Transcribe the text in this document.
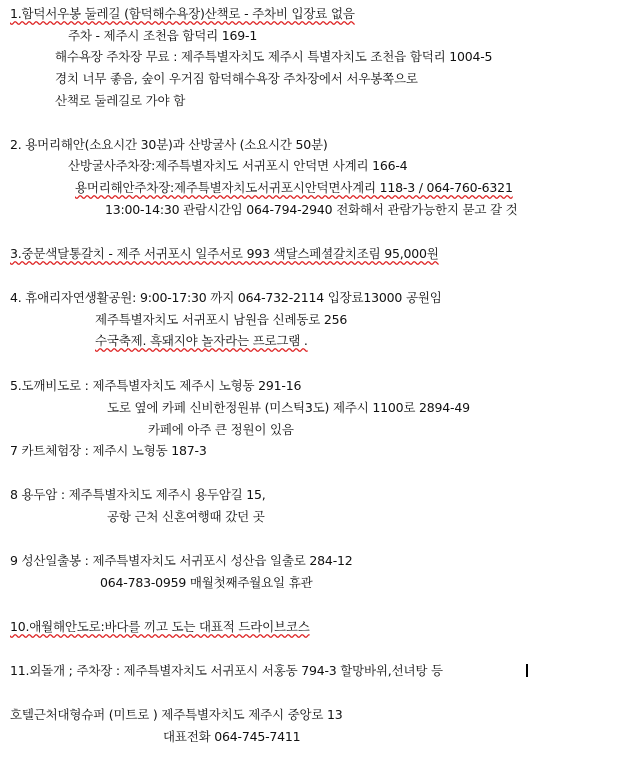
1.함덕서우봉 둘레길 (함덕해수욕장)산책로 - 주차비 입장료 없음
주차 - 제주시 조천읍 함덕리 169-1
해수욕장 주차장 무료 : 제주특별자치도 제주시 특별자치도 조천읍 함덕리 1004-5
경치 너무 좋음, 숲이 우거짐 함덕해수욕장 주차장에서 서우봉쪽으로
산책로 둘레길로 가야 함
2. 용머리해안(소요시간 30분)과 산방굴사 (소요시간 50분)
산방굴사주차장:제주특별자치도 서귀포시 안덕면 사계리 166-4
용머리해안주차장:제주특별자치도서귀포시안덕면사계리 118-3 / 064-760-6321
13:00-14:30 관람시간임 064-794-2940 전화해서 관람가능한지 묻고 갈 것
3.중문색달통갈치 - 제주 서귀포시 일주서로 993 색달스페셜갈치조림 95,000원
4. 휴애리자연생활공원: 9:00-17:30 까지 064-732-2114 입장료13000 공원임
제주특별자치도 서귀포시 남원읍 신례동로 256
수국축제. 흑돼지야 놀자라는 프로그램 .
5.도깨비도로 : 제주특별자치도 제주시 노형동 291-16
도로 옆에 카페 신비한정원뷰 (미스틱3도) 제주시 1100로 2894-49
카페에 아주 큰 정원이 있음
7 카트체험장 : 제주시 노형동 187-3
8 용두암 : 제주특별자치도 제주시 용두암길 15,
공항 근처 신혼여행때 갔던 곳
9 성산일출봉 : 제주특별자치도 서귀포시 성산읍 일출로 284-12
064-783-0959 매월첫째주월요일 휴관
10.애월해안도로:바다를 끼고 도는 대표적 드라이브코스
11.외돌개 ; 주차장 : 제주특별자치도 서귀포시 서홍동 794-3 할망바위,선녀탕 등
호텔근처대형슈퍼 (미트로 ) 제주특별자치도 제주시 중앙로 13
대표전화 064-745-7411
